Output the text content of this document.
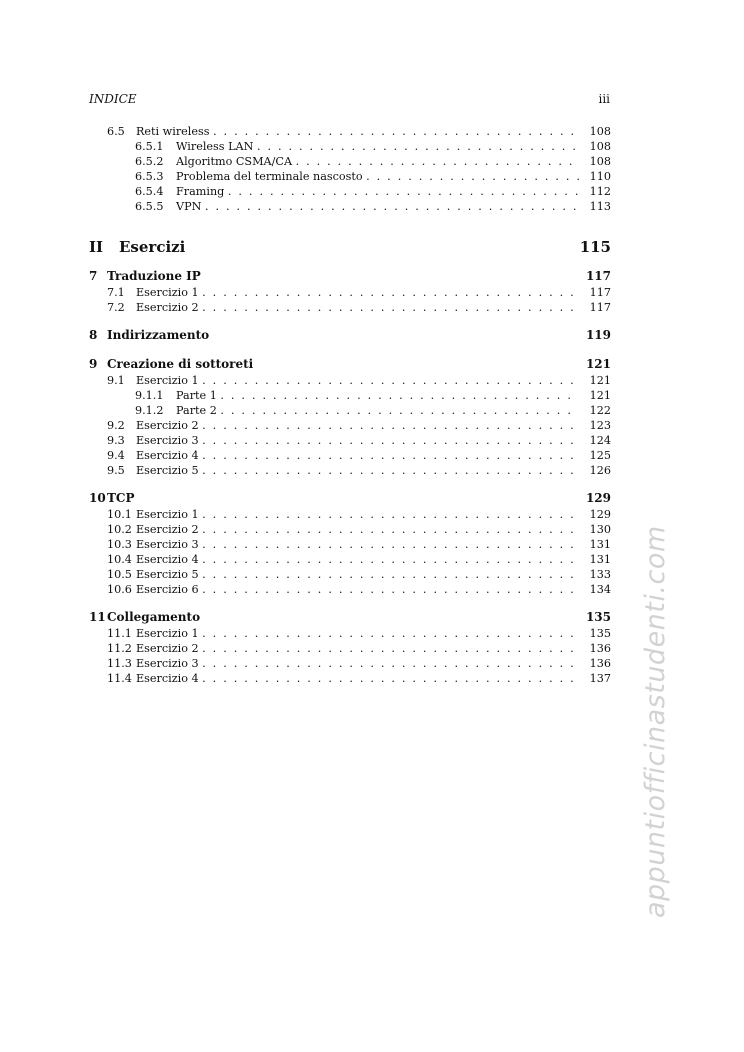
INDICE	iii
6.5 Reti wireless . . .	108
6.5.1 Wireless LAN . . .	108
6.5.2 Algoritmo CSMA/CA . . .	108
6.5.3 Problema del terminale nascosto . . .	110
6.5.4 Framing . . .	112
6.5.5 VPN . . .	113
II Esercizi	115
7 Traduzione IP	117
7.1 Esercizio 1 . . .	117
7.2 Esercizio 2 . . .	117
8 Indirizzamento	119
9 Creazione di sottoreti	121
9.1 Esercizio 1 . . .	121
9.1.1 Parte 1 . . .	121
9.1.2 Parte 2 . . .	122
9.2 Esercizio 2 . . .	123
9.3 Esercizio 3 . . .	124
9.4 Esercizio 4 . . .	125
9.5 Esercizio 5 . . .	126
10 TCP	129
10.1 Esercizio 1 . . .	129
10.2 Esercizio 2 . . .	130
10.3 Esercizio 3 . . .	131
10.4 Esercizio 4 . . .	131
10.5 Esercizio 5 . . .	133
10.6 Esercizio 6 . . .	134
11 Collegamento	135
11.1 Esercizio 1 . . .	135
11.2 Esercizio 2 . . .	136
11.3 Esercizio 3 . . .	136
11.4 Esercizio 4 . . .	137 appuntiofficinastudenti.com
